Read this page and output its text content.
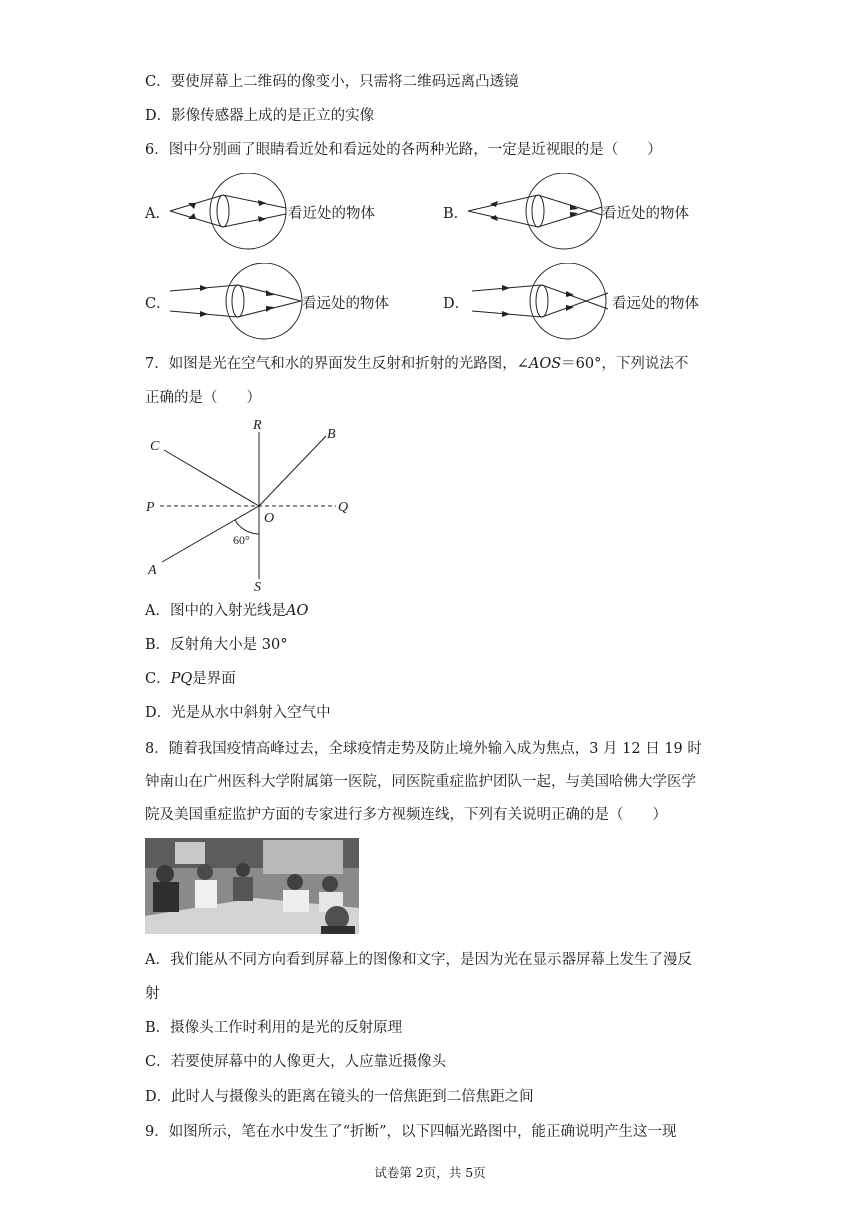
C．要使屏幕上二维码的像变小，只需将二维码远离凸透镜
D．影像传感器上成的是正立的实像
6．图中分别画了眼睛看近处和看远处的各两种光路，一定是近视眼的是（　　）
A．	看近处的物体	B．	看近处的物体
C．	看远处的物体	D．	看远处的物体
7．如图是光在空气和水的界面发生反射和折射的光路图，∠AOS＝60°，下列说法不
正确的是（　　）
R
B
C
P
O
Q
60°
A
S
A．图中的入射光线是AO
B．反射角大小是 30°
C．PQ是界面
D．光是从水中斜射入空气中
8．随着我国疫情高峰过去，全球疫情走势及防止境外输入成为焦点，3 月 12 日 19 时
钟南山在广州医科大学附属第一医院，同医院重症监护团队一起，与美国哈佛大学医学
院及美国重症监护方面的专家进行多方视频连线，下列有关说明正确的是（　　）
A．我们能从不同方向看到屏幕上的图像和文字，是因为光在显示器屏幕上发生了漫反
射
B．摄像头工作时利用的是光的反射原理
C．若要使屏幕中的人像更大，人应靠近摄像头
D．此时人与摄像头的距离在镜头的一倍焦距到二倍焦距之间
9．如图所示，笔在水中发生了“折断”，以下四幅光路图中，能正确说明产生这一现
试卷第 2页，共 5页
